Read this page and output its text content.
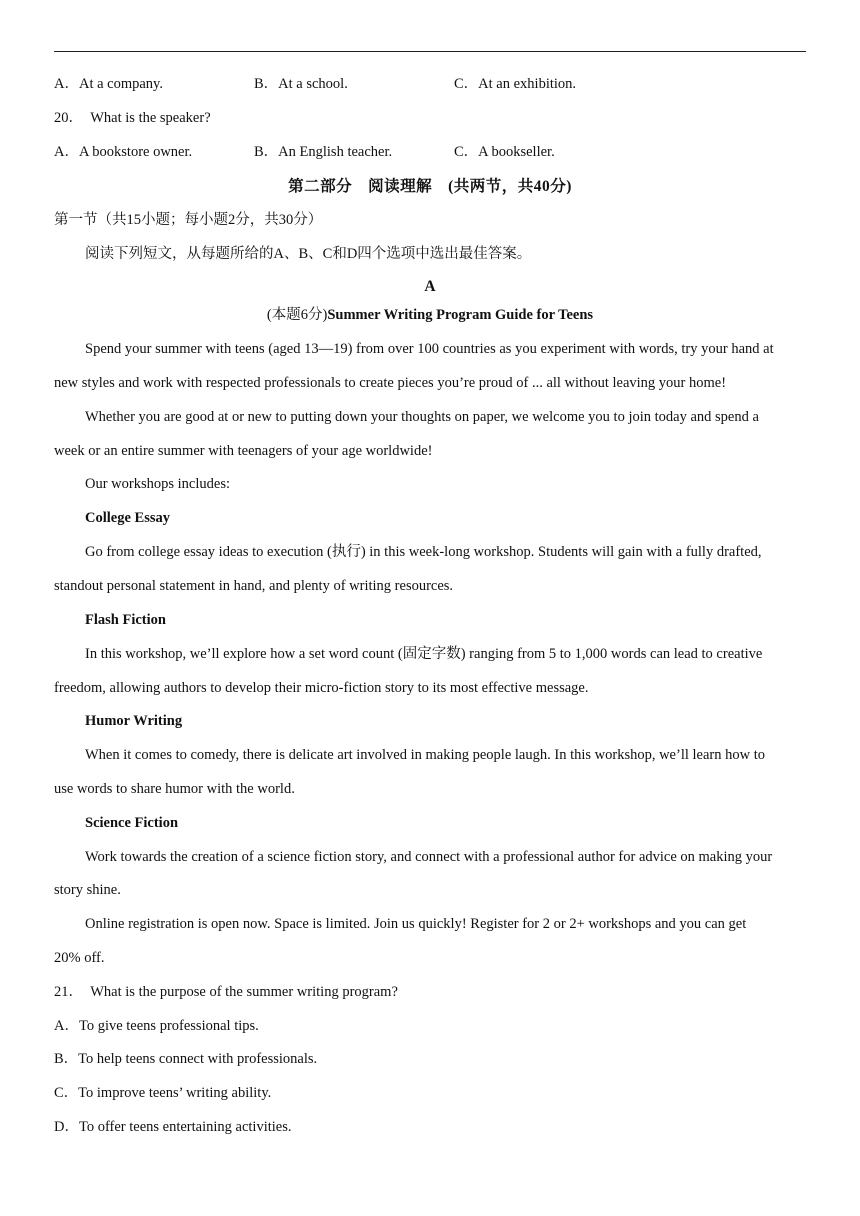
A．At a company.	B．At a school.	C．At an exhibition.
20．　What is the speaker?
A．A bookstore owner.	B．An English teacher.	C．A bookseller.
第二部分　阅读理解　(共两节，共40分)
第一节（共15小题；每小题2分，共30分）
阅读下列短文，从每题所给的A、B、C和D四个选项中选出最佳答案。
A
(本题6分)Summer Writing Program Guide for Teens
Spend your summer with teens (aged 13—19) from over 100 countries as you experiment with words, try your hand at
new styles and work with respected professionals to create pieces you’re proud of ... all without leaving your home!
Whether you are good at or new to putting down your thoughts on paper, we welcome you to join today and spend a
week or an entire summer with teenagers of your age worldwide!
Our workshops includes:
College Essay
Go from college essay ideas to execution (执行) in this week-long workshop. Students will gain with a fully drafted,
standout personal statement in hand, and plenty of writing resources.
Flash Fiction
In this workshop, we’ll explore how a set word count (固定字数) ranging from 5 to 1,000 words can lead to creative
freedom, allowing authors to develop their micro-fiction story to its most effective message.
Humor Writing
When it comes to comedy, there is delicate art involved in making people laugh. In this workshop, we’ll learn how to
use words to share humor with the world.
Science Fiction
Work towards the creation of a science fiction story, and connect with a professional author for advice on making your
story shine.
Online registration is open now. Space is limited. Join us quickly! Register for 2 or 2+ workshops and you can get
20% off.
21．　What is the purpose of the summer writing program?
A．To give teens professional tips.
B．To help teens connect with professionals.
C．To improve teens’ writing ability.
D．To offer teens entertaining activities.
